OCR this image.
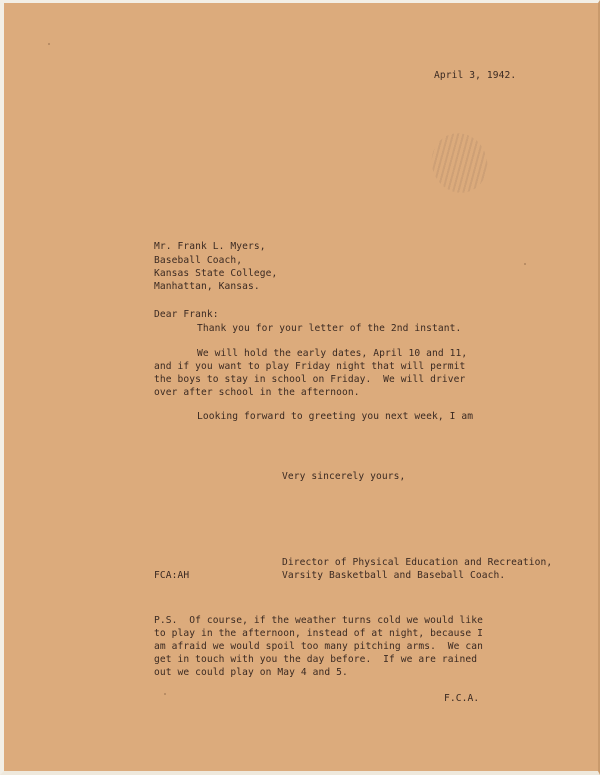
April 3, 1942.
Mr. Frank L. Myers,
Baseball Coach,
Kansas State College,
Manhattan, Kansas.
Dear Frank:
Thank you for your letter of the 2nd instant.
We will hold the early dates, April 10 and 11,
and if you want to play Friday night that will permit
the boys to stay in school on Friday.  We will driver
over after school in the afternoon.
Looking forward to greeting you next week, I am
Very sincerely yours,
Director of Physical Education and Recreation,
Varsity Basketball and Baseball Coach.
FCA:AH
P.S.  Of course, if the weather turns cold we would like
to play in the afternoon, instead of at night, because I
am afraid we would spoil too many pitching arms.  We can
get in touch with you the day before.  If we are rained
out we could play on May 4 and 5.
F.C.A.
